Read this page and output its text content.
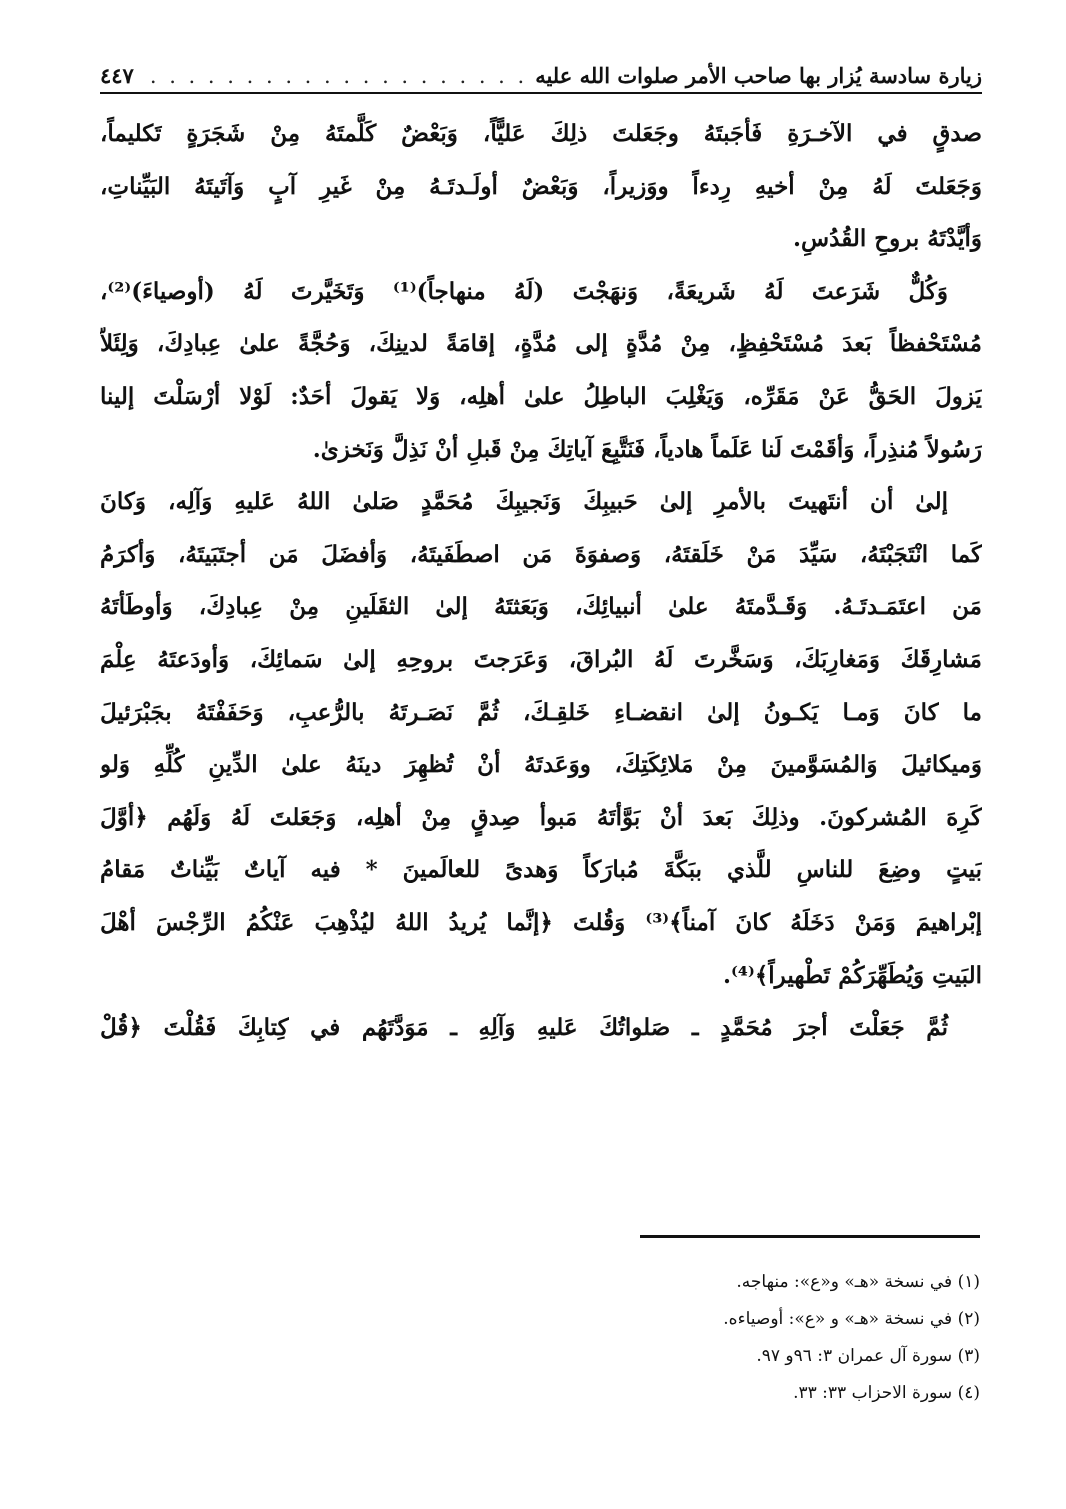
زيارة سادسة يُزار بها صاحب الأمر صلوات الله عليه
. . .
٤٤٧
صدقٍ في الآخـرَةِ فَأجَبتَهُ وجَعَلتَ ذلِكَ عَليًّاً، وَبَعْضٌ كَلَّمتَهُ مِنْ شَجَرَةٍ تَكليماً،
وَجَعَلتَ لَهُ مِنْ أخيهِ رِدءاً ووَزيراً، وَبَعْضٌ أولَـدتَـهُ مِنْ غَيرِ آبٍ وَآتَيتَهُ البَيِّناتِ،
وَأيَّدْتَهُ بروحِ القُدُسِ.
وَكُلٌّ شَرَعتَ لَهُ شَريعَةً، وَنهَجْتَ (لَهُ منهاجاً)⁽¹⁾ وَتَخَيَّرتَ لَهُ (أوصياءَ)⁽²⁾،
مُسْتَحْفظاً بَعدَ مُسْتَحْفِظٍ، مِنْ مُدَّةٍ إلى مُدَّةٍ، إقامَةً لدينِكَ، وَحُجَّةً علىٰ عِبادِكَ، وَلِئَلاّ
يَزولَ الحَقُّ عَنْ مَقَرِّه، وَيَغْلِبَ الباطِلُ علىٰ أهلِه، وَلا يَقولَ أحَدٌ: لَوْلا أرْسَلْتَ إلينا
رَسُولاً مُنذِراً، وَأقَمْتَ لَنا عَلَماً هادياً، فَنَتَّبِعَ آياتِكَ مِنْ قَبلِ أنْ نَذِلَّ وَنَخزىٰ.
إلىٰ أن أنتَهيتَ بالأمرِ إلىٰ حَبيبِكَ وَنَجيبِكَ مُحَمَّدٍ صَلىٰ اللهُ عَليهِ وَآلِه، وَكانَ
كَما انْتَجَبْتَهُ، سَيِّدَ مَنْ خَلَقتَهُ، وَصفوَةَ مَن اصطَفَيتَهُ، وَأفضَلَ مَن أجتَبَيتَهُ، وَأكرَمُ
مَن اعتَمَـدتَـهُ. وَقَـدَّمتَهُ علىٰ أنبيائِكَ، وَبَعَثتَهُ إلىٰ الثقَلَينِ مِنْ عِبادِكَ، وَأوطَأتَهُ
مَشارِقَكَ وَمَغارِبَكَ، وَسَخَّرتَ لَهُ البُراقَ، وَعَرَجتَ بروحِهِ إلىٰ سَمائِكَ، وَأودَعتَهُ عِلْمَ
ما كانَ وَمـا يَكـونُ إلىٰ انقضـاءِ خَلقِـكَ، ثُمَّ نَصَـرتَهُ بالرُّعبِ، وَحَفَفْتَهُ بجَبْرَئيلَ
وَميكائيلَ وَالمُسَوَّمينَ مِنْ مَلائِكَتِكَ، ووَعَدتَهُ أنْ تُظهِرَ دينَهُ علىٰ الدِّينِ كُلِّهِ وَلو
كَرِهَ المُشركونَ. وذلِكَ بَعدَ أنْ بَوَّأتَهُ مَبوأ صِدقٍ مِنْ أهلِه، وَجَعَلتَ لَهُ وَلَهُم ﴿أوَّلَ
بَيتٍ وضِعَ للناسِ للَّذي ببَكَّةَ مُبارَكاً وَهدىً للعالَمينَ * فيه آياتٌ بَيِّناتٌ مَقامُ
إبْراهيمَ وَمَنْ دَخَلَهُ كانَ آمناً﴾⁽³⁾ وَقُلتَ ﴿إنَّما يُريدُ اللهُ ليُذْهِبَ عَنْكُمُ الرِّجْسَ أهْلَ
البَيتِ وَيُطَهِّرَكُمْ تَطْهيراً﴾⁽⁴⁾.
ثُمَّ جَعَلْتَ أجرَ مُحَمَّدٍ ـ صَلواتُكَ عَليهِ وَآلِهِ ـ مَوَدَّتَهُم في كِتابِكَ فَقُلْتَ ﴿قُلْ
(١) في نسخة «هـ» و«ع»: منهاجه.
(٢) في نسخة «هـ» و «ع»: أوصياءه.
(٣) سورة آل عمران ٣: ٩٦و ٩٧.
(٤) سورة الاحزاب ٣٣: ٣٣.
